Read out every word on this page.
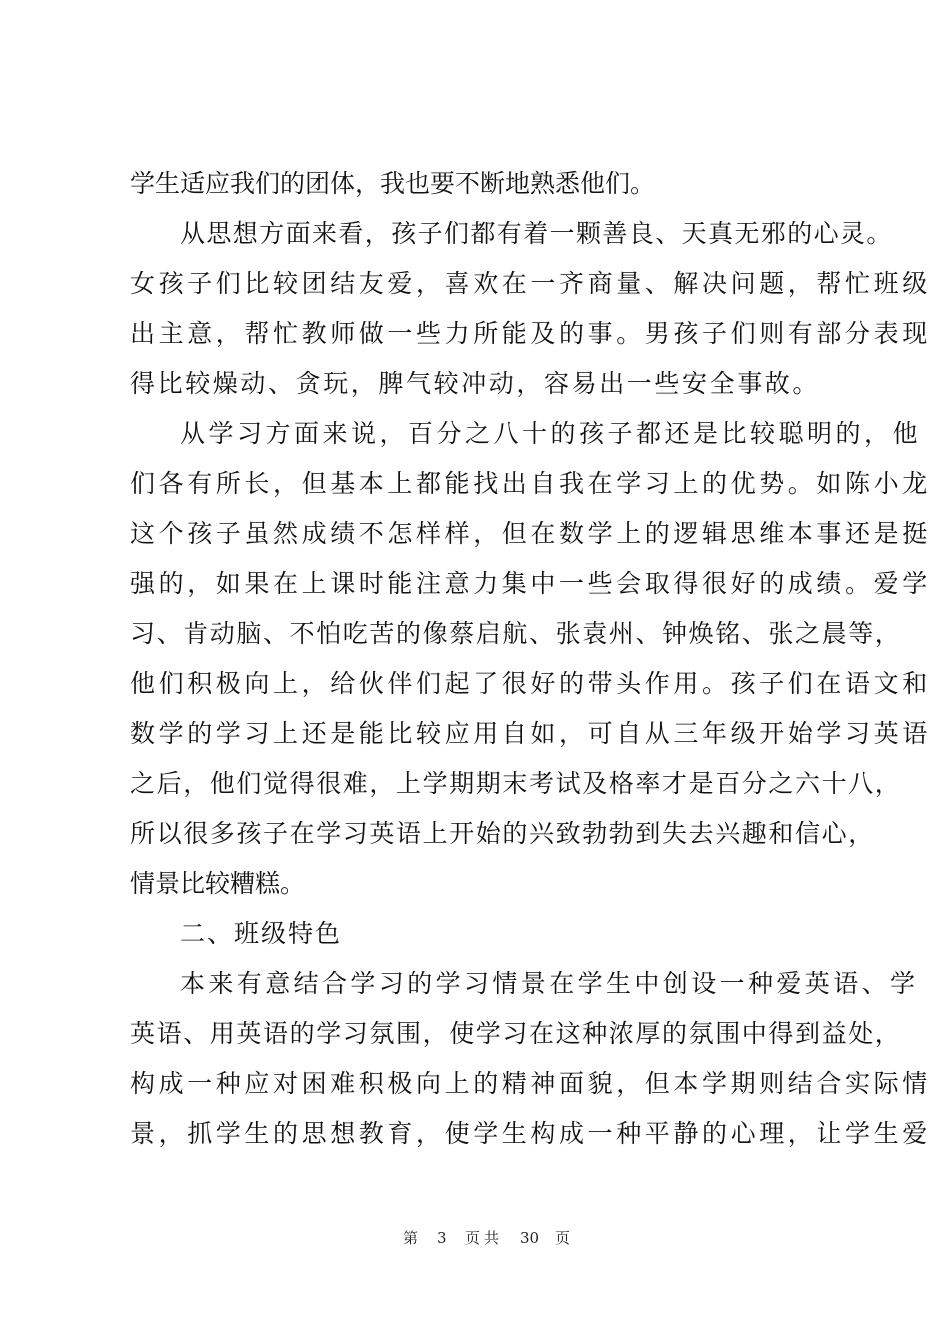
学生适应我们的团体，我也要不断地熟悉他们。
从思想方面来看，孩子们都有着一颗善良、天真无邪的心灵。
女孩子们比较团结友爱，喜欢在一齐商量、解决问题，帮忙班级
出主意，帮忙教师做一些力所能及的事。男孩子们则有部分表现
得比较燥动、贪玩，脾气较冲动，容易出一些安全事故。
从学习方面来说，百分之八十的孩子都还是比较聪明的，他
们各有所长，但基本上都能找出自我在学习上的优势。如陈小龙
这个孩子虽然成绩不怎样样，但在数学上的逻辑思维本事还是挺
强的，如果在上课时能注意力集中一些会取得很好的成绩。爱学
习、肯动脑、不怕吃苦的像蔡启航、张袁州、钟焕铭、张之晨等，
他们积极向上，给伙伴们起了很好的带头作用。孩子们在语文和
数学的学习上还是能比较应用自如，可自从三年级开始学习英语
之后，他们觉得很难，上学期期末考试及格率才是百分之六十八，
所以很多孩子在学习英语上开始的兴致勃勃到失去兴趣和信心，
情景比较糟糕。
二、班级特色
本来有意结合学习的学习情景在学生中创设一种爱英语、学
英语、用英语的学习氛围，使学习在这种浓厚的氛围中得到益处，
构成一种应对困难积极向上的精神面貌，但本学期则结合实际情
景，抓学生的思想教育，使学生构成一种平静的心理，让学生爱
第 3 页共 30 页
